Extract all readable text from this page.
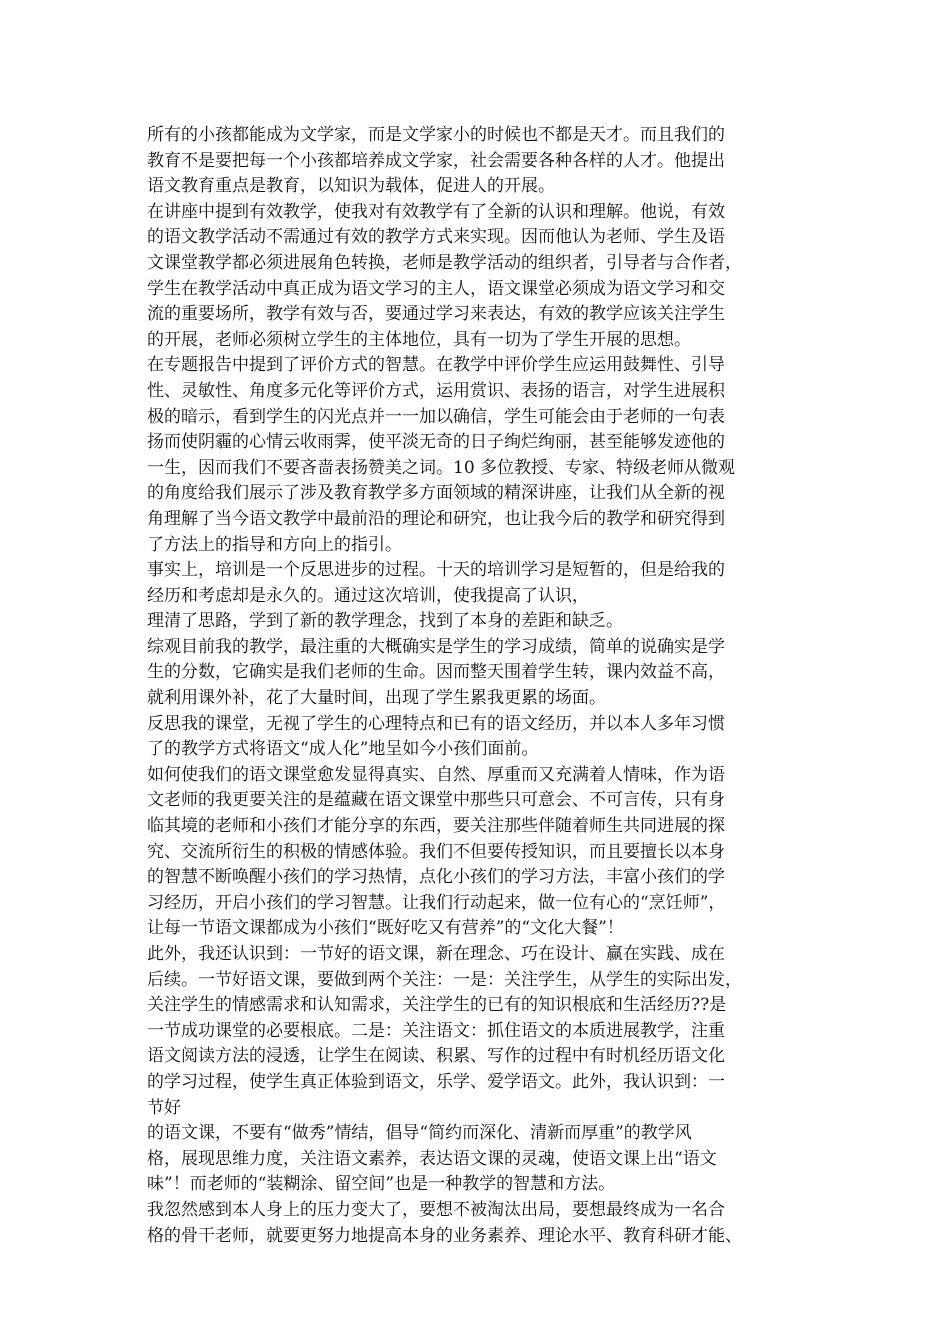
所有的小孩都能成为文学家，而是文学家小的时候也不都是天才。而且我们的
教育不是要把每一个小孩都培养成文学家，社会需要各种各样的人才。他提出
语文教育重点是教育，以知识为载体，促进人的开展。
在讲座中提到有效教学，使我对有效教学有了全新的认识和理解。他说，有效
的语文教学活动不需通过有效的教学方式来实现。因而他认为老师、学生及语
文课堂教学都必须进展角色转换，老师是教学活动的组织者，引导者与合作者，
学生在教学活动中真正成为语文学习的主人，语文课堂必须成为语文学习和交
流的重要场所，教学有效与否，要通过学习来表达，有效的教学应该关注学生
的开展，老师必须树立学生的主体地位，具有一切为了学生开展的思想。
在专题报告中提到了评价方式的智慧。在教学中评价学生应运用鼓舞性、引导
性、灵敏性、角度多元化等评价方式，运用赏识、表扬的语言，对学生进展积
极的暗示，看到学生的闪光点并一一加以确信，学生可能会由于老师的一句表
扬而使阴霾的心情云收雨霁，使平淡无奇的日子绚烂绚丽，甚至能够发迹他的
一生，因而我们不要吝啬表扬赞美之词。10 多位教授、专家、特级老师从微观
的角度给我们展示了涉及教育教学多方面领域的精深讲座，让我们从全新的视
角理解了当今语文教学中最前沿的理论和研究，也让我今后的教学和研究得到
了方法上的指导和方向上的指引。
事实上，培训是一个反思进步的过程。十天的培训学习是短暂的，但是给我的
经历和考虑却是永久的。通过这次培训，使我提高了认识，
理清了思路，学到了新的教学理念，找到了本身的差距和缺乏。
综观目前我的教学，最注重的大概确实是学生的学习成绩，简单的说确实是学
生的分数，它确实是我们老师的生命。因而整天围着学生转，课内效益不高，
就利用课外补，花了大量时间，出现了学生累我更累的场面。
反思我的课堂，无视了学生的心理特点和已有的语文经历，并以本人多年习惯
了的教学方式将语文“成人化”地呈如今小孩们面前。
如何使我们的语文课堂愈发显得真实、自然、厚重而又充满着人情味，作为语
文老师的我更要关注的是蕴藏在语文课堂中那些只可意会、不可言传，只有身
临其境的老师和小孩们才能分享的东西，要关注那些伴随着师生共同进展的探
究、交流所衍生的积极的情感体验。我们不但要传授知识，而且要擅长以本身
的智慧不断唤醒小孩们的学习热情，点化小孩们的学习方法，丰富小孩们的学
习经历，开启小孩们的学习智慧。让我们行动起来，做一位有心的“烹饪师”，
让每一节语文课都成为小孩们“既好吃又有营养”的“文化大餐”！
此外，我还认识到：一节好的语文课，新在理念、巧在设计、赢在实践、成在
后续。一节好语文课，要做到两个关注：一是：关注学生，从学生的实际出发，
关注学生的情感需求和认知需求，关注学生的已有的知识根底和生活经历??是
一节成功课堂的必要根底。二是：关注语文：抓住语文的本质进展教学，注重
语文阅读方法的浸透，让学生在阅读、积累、写作的过程中有时机经历语文化
的学习过程，使学生真正体验到语文，乐学、爱学语文。此外，我认识到：一
节好
的语文课，不要有“做秀”情结，倡导“简约而深化、清新而厚重”的教学风
格，展现思维力度，关注语文素养，表达语文课的灵魂，使语文课上出“语文
味”！而老师的“装糊涂、留空间”也是一种教学的智慧和方法。
我忽然感到本人身上的压力变大了，要想不被淘汰出局，要想最终成为一名合
格的骨干老师，就要更努力地提高本身的业务素养、理论水平、教育科研才能、
